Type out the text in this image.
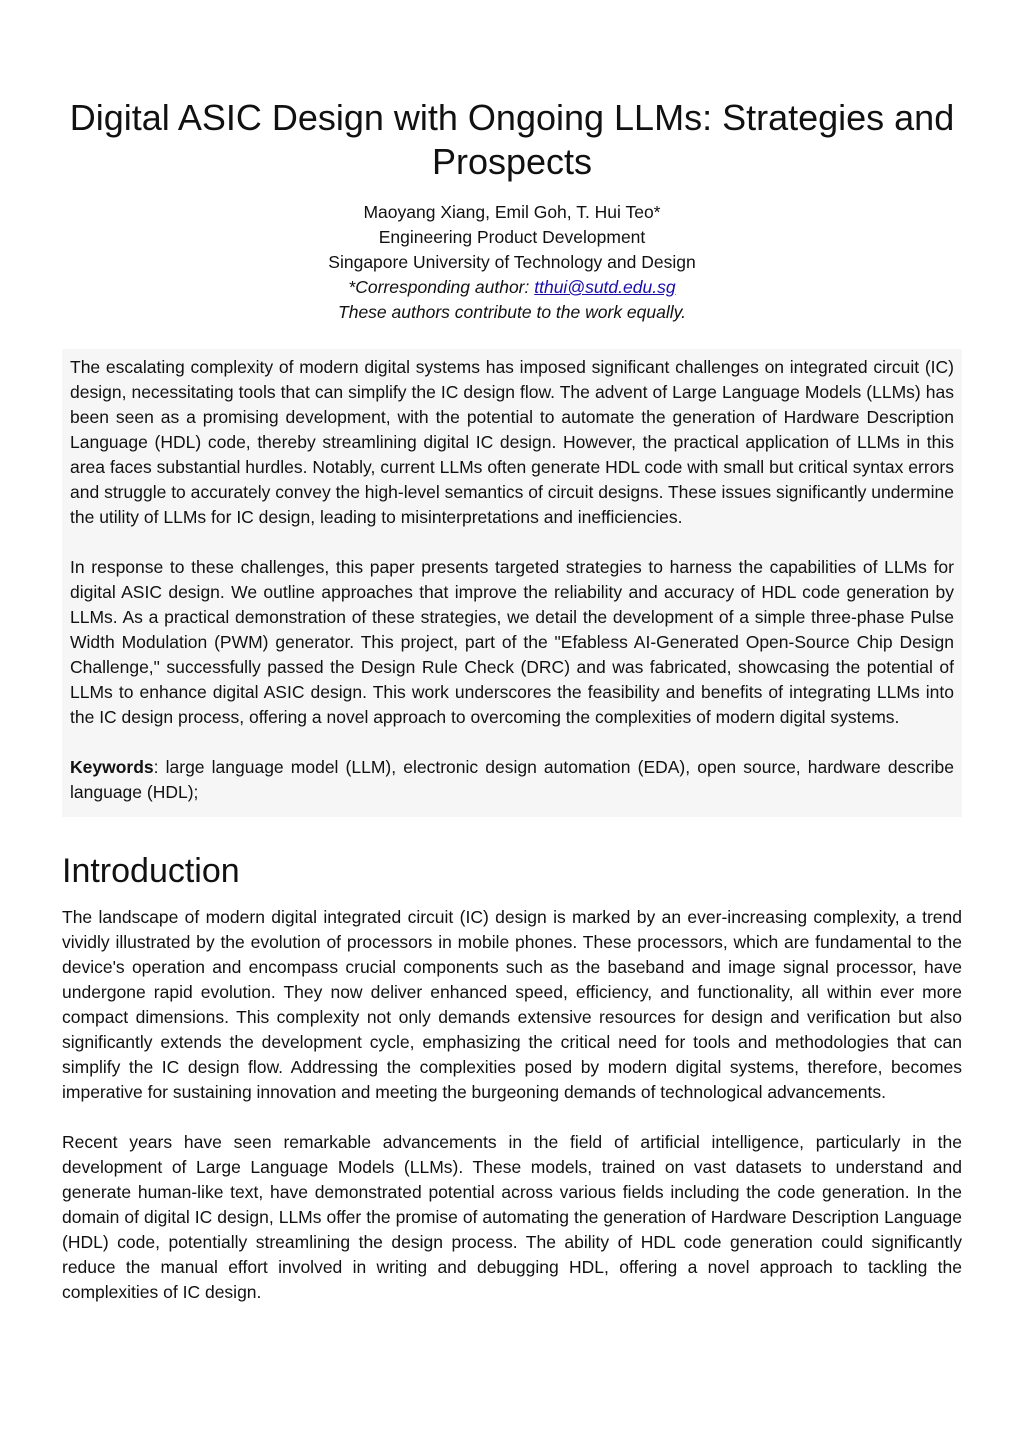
Digital ASIC Design with Ongoing LLMs: Strategies and Prospects
Maoyang Xiang, Emil Goh, T. Hui Teo*
Engineering Product Development
Singapore University of Technology and Design
*Corresponding author: tthui@sutd.edu.sg
These authors contribute to the work equally.

The escalating complexity of modern digital systems has imposed significant challenges on integrated circuit (IC) design, necessitating tools that can simplify the IC design flow. The advent of Large Language Models (LLMs) has been seen as a promising development, with the potential to automate the generation of Hardware Description Language (HDL) code, thereby streamlining digital IC design. However, the practical application of LLMs in this area faces substantial hurdles. Notably, current LLMs often generate HDL code with small but critical syntax errors and struggle to accurately convey the high-level semantics of circuit designs. These issues significantly undermine the utility of LLMs for IC design, leading to misinterpretations and inefficiencies.

In response to these challenges, this paper presents targeted strategies to harness the capabilities of LLMs for digital ASIC design. We outline approaches that improve the reliability and accuracy of HDL code generation by LLMs. As a practical demonstration of these strategies, we detail the development of a simple three-phase Pulse Width Modulation (PWM) generator. This project, part of the "Efabless AI-Generated Open-Source Chip Design Challenge," successfully passed the Design Rule Check (DRC) and was fabricated, showcasing the potential of LLMs to enhance digital ASIC design. This work underscores the feasibility and benefits of integrating LLMs into the IC design process, offering a novel approach to overcoming the complexities of modern digital systems.

Keywords: large language model (LLM), electronic design automation (EDA), open source, hardware describe language (HDL);

Introduction

The landscape of modern digital integrated circuit (IC) design is marked by an ever-increasing complexity, a trend vividly illustrated by the evolution of processors in mobile phones. These processors, which are fundamental to the device's operation and encompass crucial components such as the baseband and image signal processor, have undergone rapid evolution. They now deliver enhanced speed, efficiency, and functionality, all within ever more compact dimensions. This complexity not only demands extensive resources for design and verification but also significantly extends the development cycle, emphasizing the critical need for tools and methodologies that can simplify the IC design flow. Addressing the complexities posed by modern digital systems, therefore, becomes imperative for sustaining innovation and meeting the burgeoning demands of technological advancements.

Recent years have seen remarkable advancements in the field of artificial intelligence, particularly in the development of Large Language Models (LLMs). These models, trained on vast datasets to understand and generate human-like text, have demonstrated potential across various fields including the code generation. In the domain of digital IC design, LLMs offer the promise of automating the generation of Hardware Description Language (HDL) code, potentially streamlining the design process. The ability of HDL code generation could significantly reduce the manual effort involved in writing and debugging HDL, offering a novel approach to tackling the complexities of IC design.
